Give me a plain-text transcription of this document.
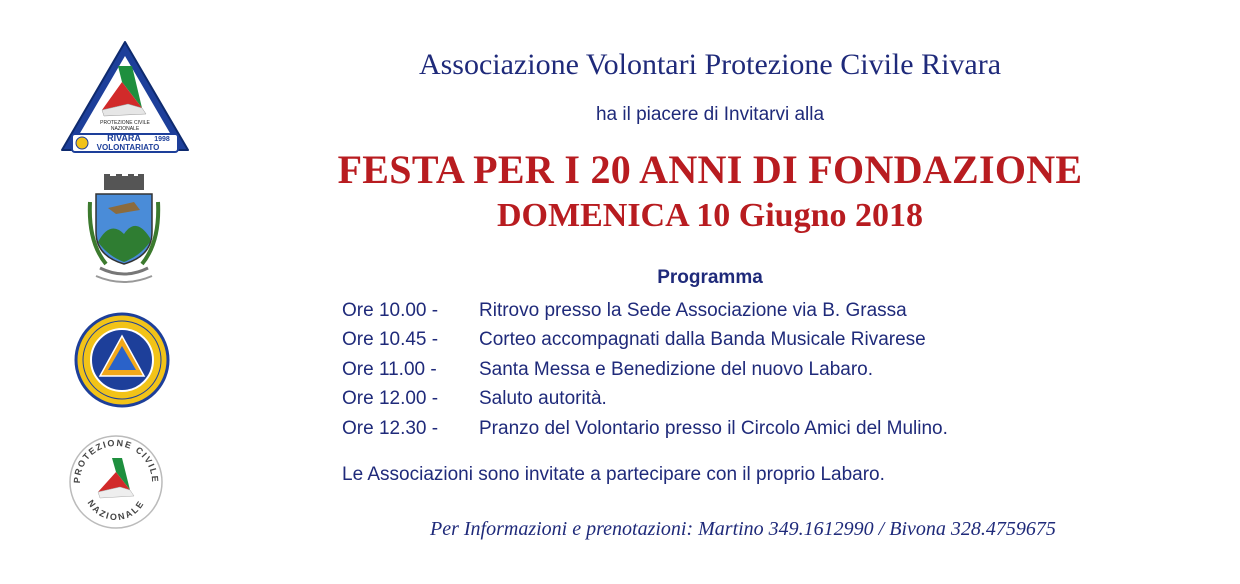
PROTEZIONE CIVILE
NAZIONALE
RIVARA 1998
VOLONTARIATO
PROTEZIONE CIVILE
NAZIONALE
Associazione Volontari Protezione Civile Rivara
ha il piacere di Invitarvi alla
FESTA PER I 20 ANNI DI FONDAZIONE
DOMENICA 10 Giugno 2018
Programma
Ore 10.00 -	Ritrovo presso la Sede Associazione via B. Grassa
Ore 10.45 -	Corteo accompagnati dalla Banda Musicale Rivarese
Ore 11.00 -	Santa Messa e Benedizione del nuovo Labaro.
Ore 12.00 -	Saluto autorità.
Ore 12.30 -	Pranzo del Volontario presso il Circolo Amici del Mulino.
Le Associazioni sono invitate a partecipare con il proprio Labaro.
Per Informazioni e prenotazioni: Martino 349.1612990 / Bivona 328.4759675
